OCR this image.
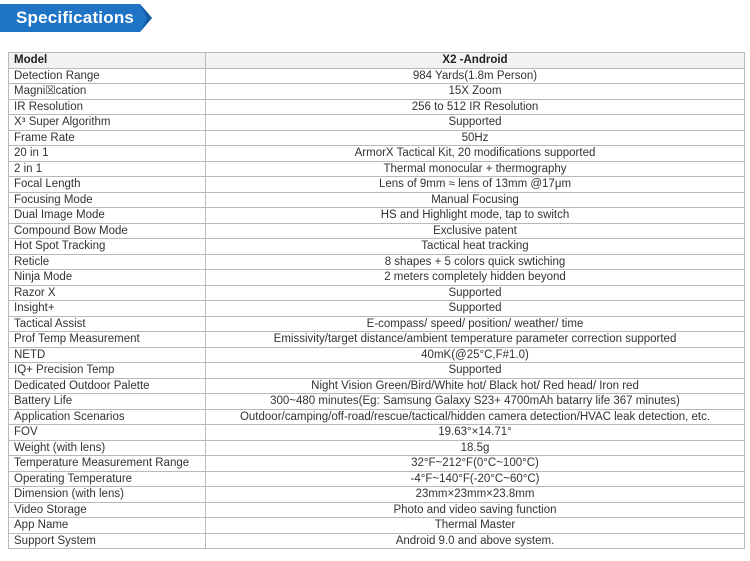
Specifications
Model	X2 -Android
Detection Range	984 Yards(1.8m Person)
Magni☒cation	15X Zoom
IR Resolution	256 to 512 IR Resolution
X³ Super Algorithm	Supported
Frame Rate	50Hz
20 in 1	ArmorX Tactical Kit, 20 modifications supported
2 in 1	Thermal monocular + thermography
Focal Length	Lens of 9mm ≈ lens of 13mm @17μm
Focusing Mode	Manual Focusing
Dual Image Mode	HS and Highlight mode, tap to switch
Compound Bow Mode	Exclusive patent
Hot Spot Tracking	Tactical heat tracking
Reticle	8 shapes + 5 colors quick swtiching
Ninja Mode	2 meters completely hidden beyond
Razor X	Supported
Insight+	Supported
Tactical Assist	E-compass/ speed/ position/ weather/ time
Prof Temp Measurement	Emissivity/target distance/ambient temperature parameter correction supported
NETD	40mK(@25°C,F#1.0)
IQ+ Precision Temp	Supported
Dedicated Outdoor Palette	Night Vision Green/Bird/White hot/ Black hot/ Red head/ Iron red
Battery Life	300~480 minutes(Eg: Samsung Galaxy S23+ 4700mAh batarry life 367 minutes)
Application Scenarios	Outdoor/camping/off-road/rescue/tactical/hidden camera detection/HVAC leak detection, etc.
FOV	19.63°×14.71°
Weight (with lens)	18.5g
Temperature Measurement Range	32°F~212°F(0°C~100°C)
Operating Temperature	-4°F~140°F(-20°C~60°C)
Dimension (with lens)	23mm×23mm×23.8mm
Video Storage	Photo and video saving function
App Name	Thermal Master
Support System	Android 9.0 and above system.
